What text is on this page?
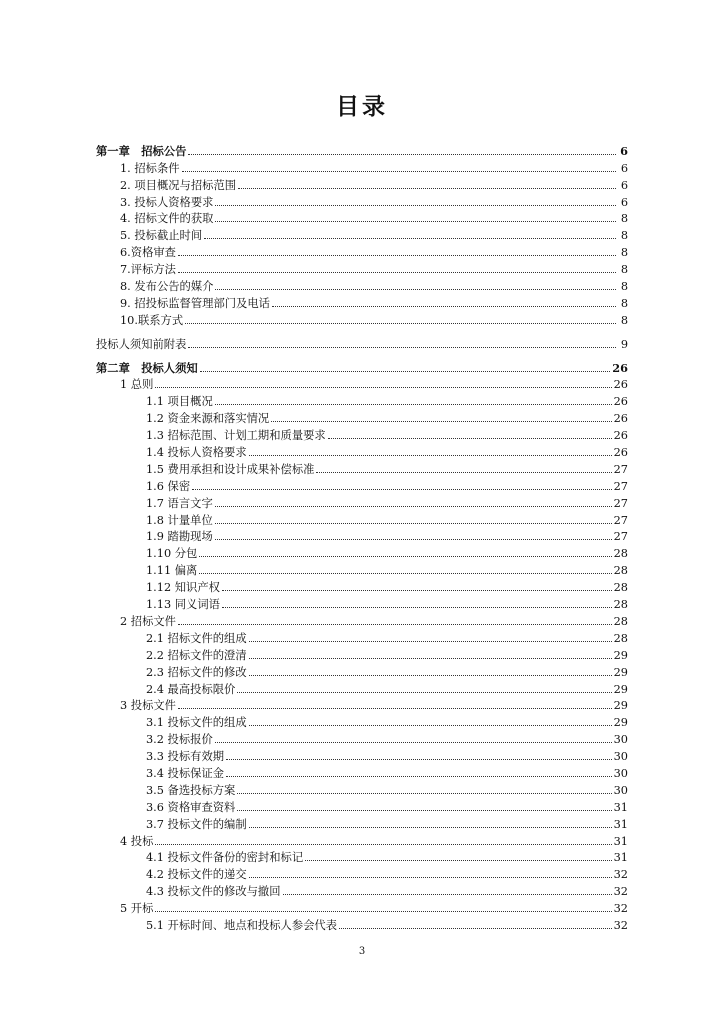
目录
第一章　招标公告	6
1. 招标条件	6
2. 项目概况与招标范围	6
3. 投标人资格要求	6
4. 招标文件的获取	8
5. 投标截止时间	8
6.资格审查	8
7.评标方法	8
8. 发布公告的媒介	8
9. 招投标监督管理部门及电话	8
10.联系方式	8
投标人须知前附表	9
第二章　投标人须知	26
1 总则	26
1.1 项目概况	26
1.2 资金来源和落实情况	26
1.3 招标范围、计划工期和质量要求	26
1.4 投标人资格要求	26
1.5 费用承担和设计成果补偿标准	27
1.6 保密	27
1.7 语言文字	27
1.8 计量单位	27
1.9 踏勘现场	27
1.10 分包	28
1.11 偏离	28
1.12 知识产权	28
1.13 同义词语	28
2 招标文件	28
2.1 招标文件的组成	28
2.2 招标文件的澄清	29
2.3 招标文件的修改	29
2.4 最高投标限价	29
3 投标文件	29
3.1 投标文件的组成	29
3.2 投标报价	30
3.3 投标有效期	30
3.4 投标保证金	30
3.5 备选投标方案	30
3.6 资格审查资料	31
3.7 投标文件的编制	31
4 投标	31
4.1 投标文件备份的密封和标记	31
4.2 投标文件的递交	32
4.3 投标文件的修改与撤回	32
5 开标	32
5.1 开标时间、地点和投标人参会代表	32
3
